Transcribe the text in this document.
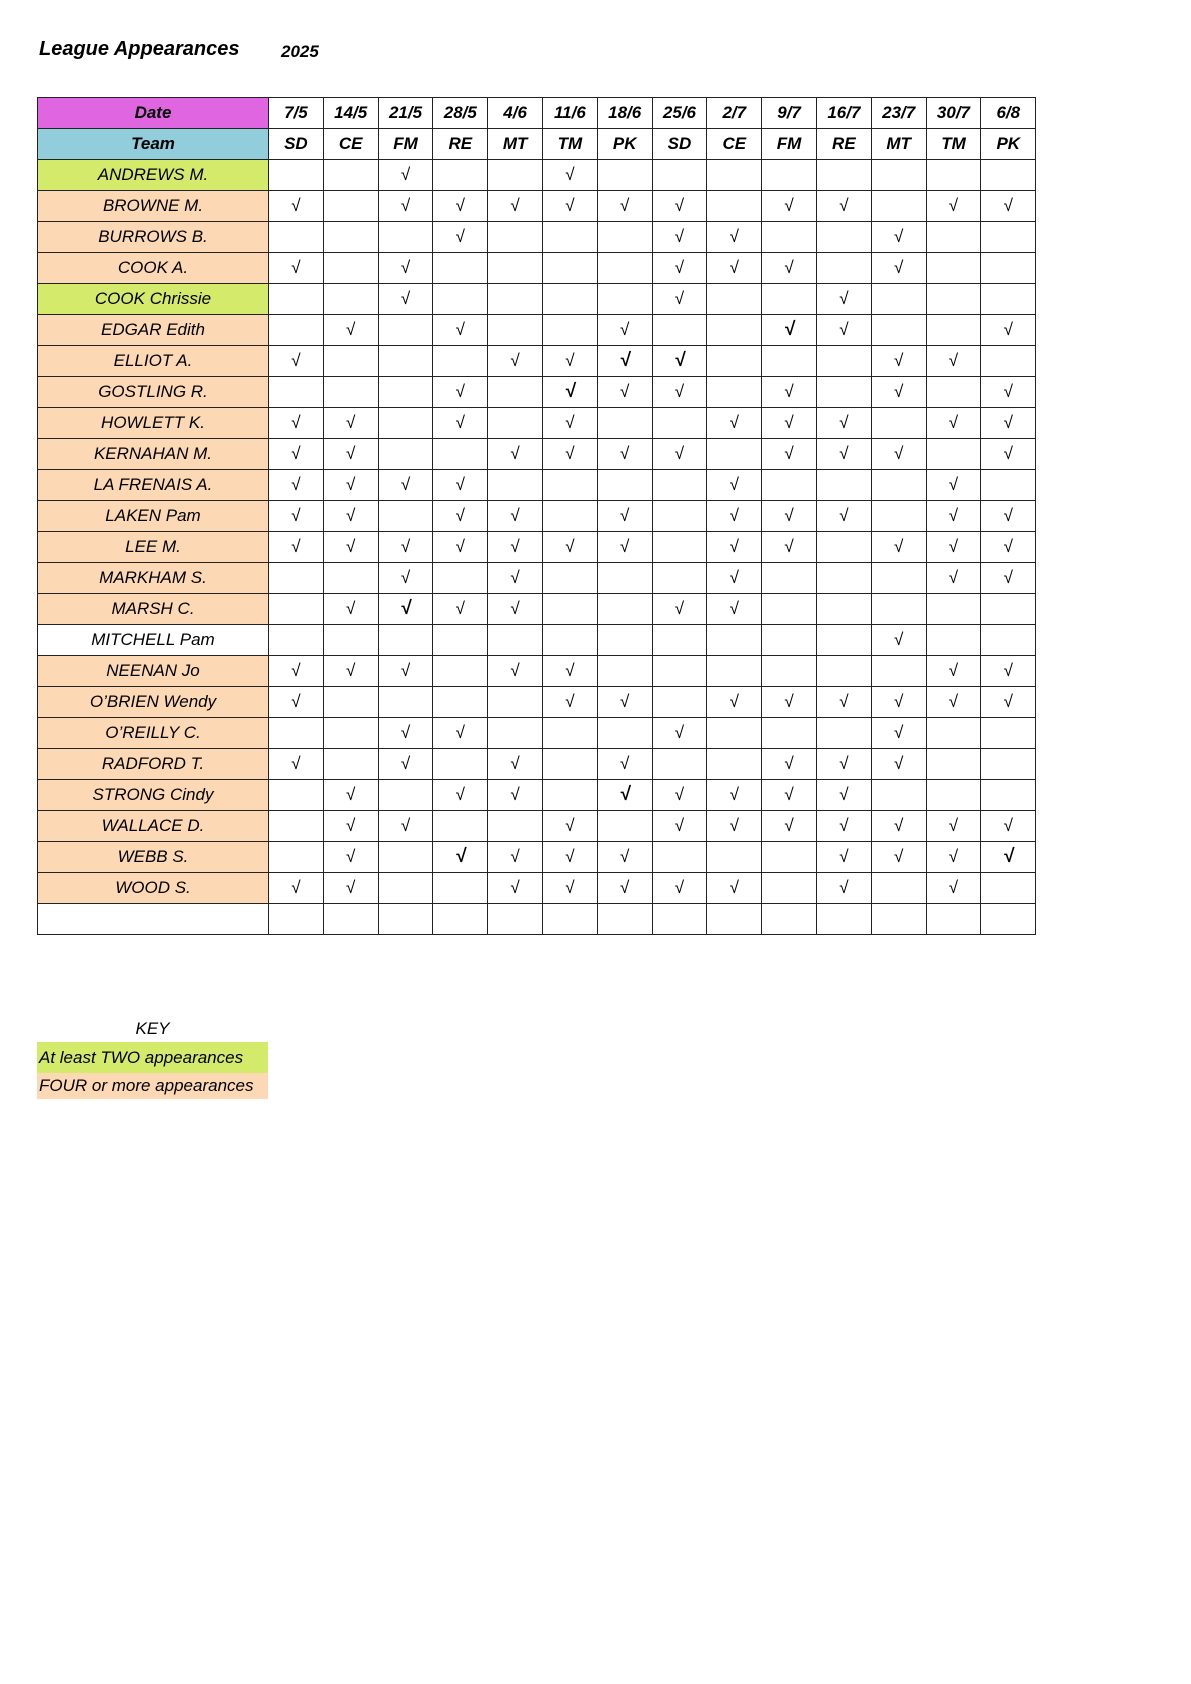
League Appearances 2025
Date	7/5	14/5	21/5	28/5	4/6	11/6	18/6	25/6	2/7	9/7	16/7	23/7	30/7	6/8
Team	SD	CE	FM	RE	MT	TM	PK	SD	CE	FM	RE	MT	TM	PK
ANDREWS M.			√			√								
BROWNE M.	√		√	√	√	√	√	√		√	√		√	√
BURROWS B.				√				√	√			√		
COOK A.	√		√					√	√	√		√		
COOK Chrissie			√					√			√			
EDGAR Edith		√		√			√			√	√			√
ELLIOT A.	√				√	√	√	√				√	√	
GOSTLING R.				√		√	√	√		√		√		√
HOWLETT K.	√	√		√		√			√	√	√		√	√
KERNAHAN M.	√	√			√	√	√	√		√	√	√		√
LA FRENAIS A.	√	√	√	√					√				√	
LAKEN Pam	√	√		√	√		√		√	√	√		√	√
LEE M.	√	√	√	√	√	√	√		√	√		√	√	√
MARKHAM S.			√		√				√				√	√
MARSH C.		√	√	√	√			√	√					
MITCHELL Pam												√		
NEENAN Jo	√	√	√		√	√							√	√
O’BRIEN Wendy	√					√	√		√	√	√	√	√	√
O’REILLY C.			√	√				√				√		
RADFORD T.	√		√		√		√			√	√	√		
STRONG Cindy		√		√	√		√	√	√	√	√			
WALLACE D.		√	√			√		√	√	√	√	√	√	√
WEBB S.		√		√	√	√	√				√	√	√	√
WOOD S.	√	√			√	√	√	√	√		√		√	

KEY
At least TWO appearances
FOUR or more appearances
